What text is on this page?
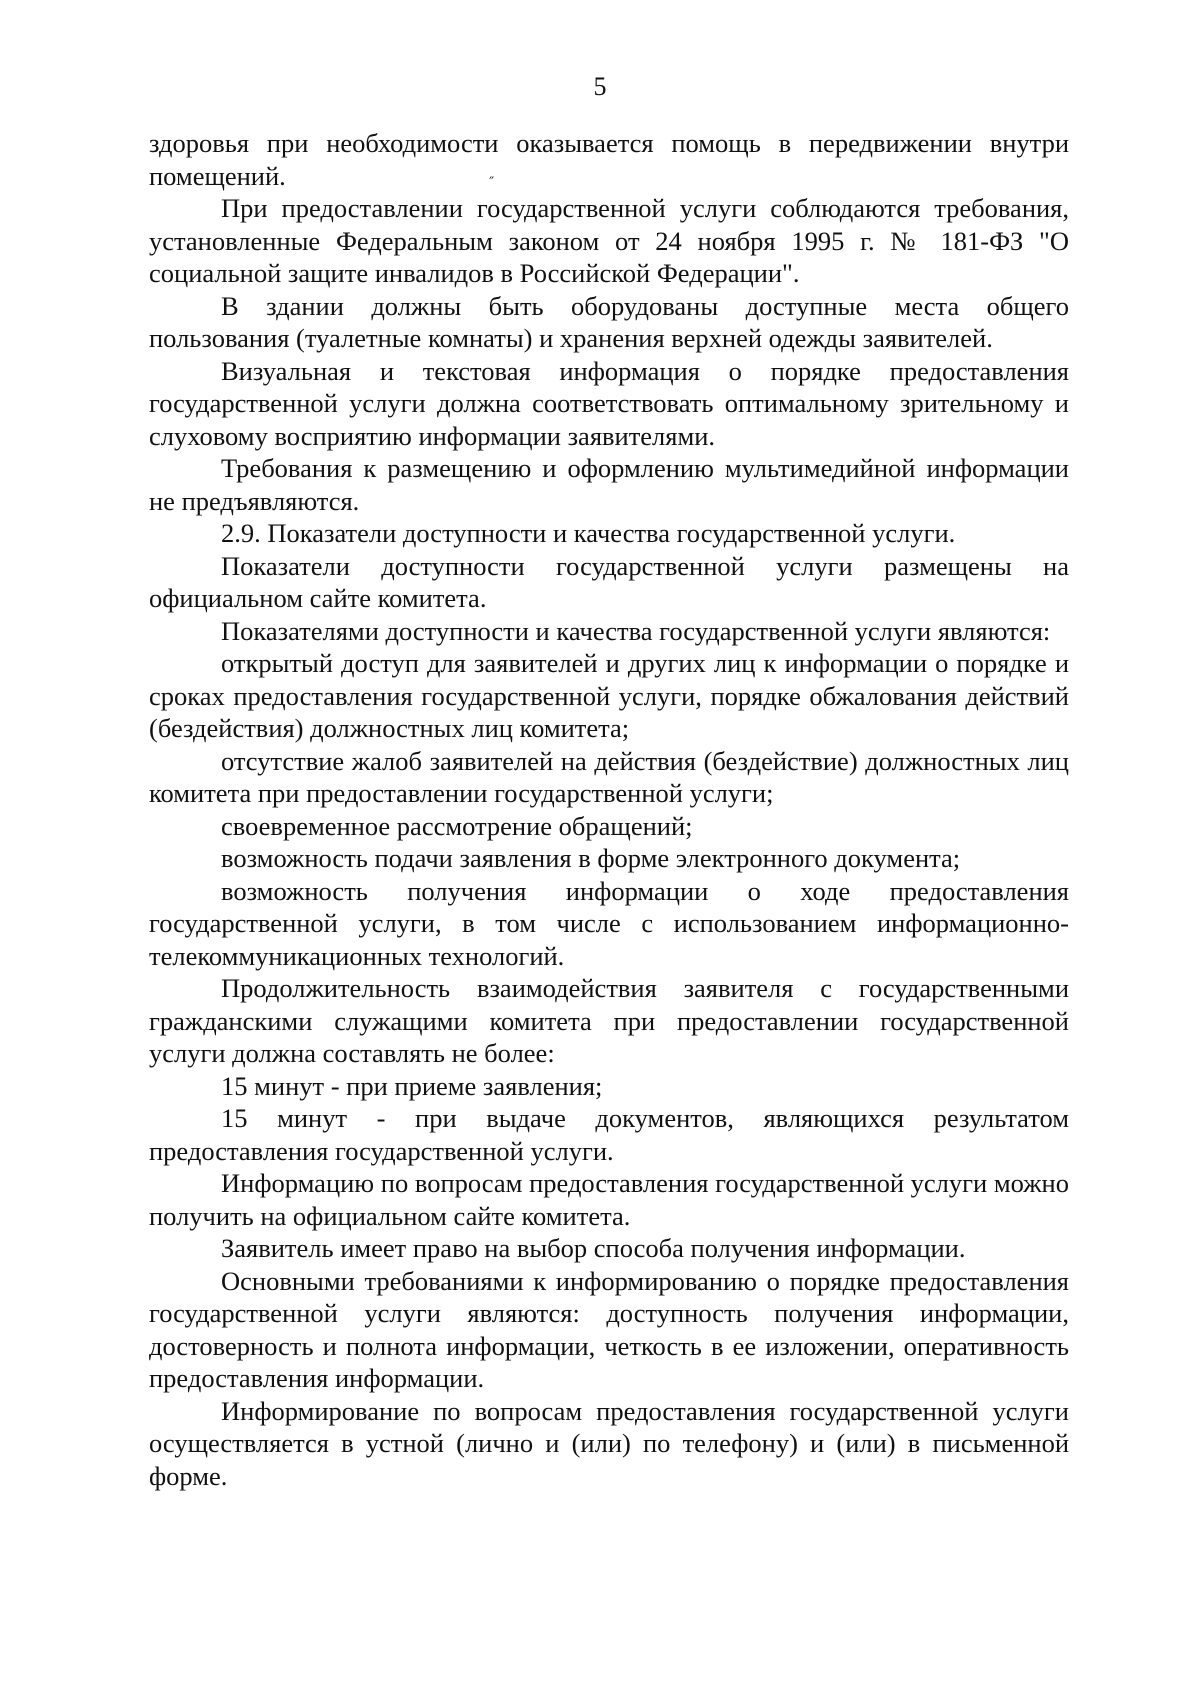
5
″

здоровья при необходимости оказывается помощь в передвижении внутри помещений.

При предоставлении государственной услуги соблюдаются требования, установленные Федеральным законом от 24 ноября 1995 г. № 181-ФЗ "О социальной защите инвалидов в Российской Федерации".

В здании должны быть оборудованы доступные места общего пользования (туалетные комнаты) и хранения верхней одежды заявителей.

Визуальная и текстовая информация о порядке предоставления государственной услуги должна соответствовать оптимальному зрительному и слуховому восприятию информации заявителями.

Требования к размещению и оформлению мультимедийной информации не предъявляются.

2.9. Показатели доступности и качества государственной услуги.

Показатели доступности государственной услуги размещены на официальном сайте комитета.

Показателями доступности и качества государственной услуги являются:

открытый доступ для заявителей и других лиц к информации о порядке и сроках предоставления государственной услуги, порядке обжалования действий (бездействия) должностных лиц комитета;

отсутствие жалоб заявителей на действия (бездействие) должностных лиц комитета при предоставлении государственной услуги;

своевременное рассмотрение обращений;

возможность подачи заявления в форме электронного документа;

возможность получения информации о ходе предоставления государственной услуги, в том числе с использованием информационно-телекоммуникационных технологий.

Продолжительность взаимодействия заявителя с государственными гражданскими служащими комитета при предоставлении государственной услуги должна составлять не более:

15 минут - при приеме заявления;

15 минут - при выдаче документов, являющихся результатом предоставления государственной услуги.

Информацию по вопросам предоставления государственной услуги можно получить на официальном сайте комитета.

Заявитель имеет право на выбор способа получения информации.

Основными требованиями к информированию о порядке предоставления государственной услуги являются: доступность получения информации, достоверность и полнота информации, четкость в ее изложении, оперативность предоставления информации.

Информирование по вопросам предоставления государственной услуги осуществляется в устной (лично и (или) по телефону) и (или) в письменной форме.
